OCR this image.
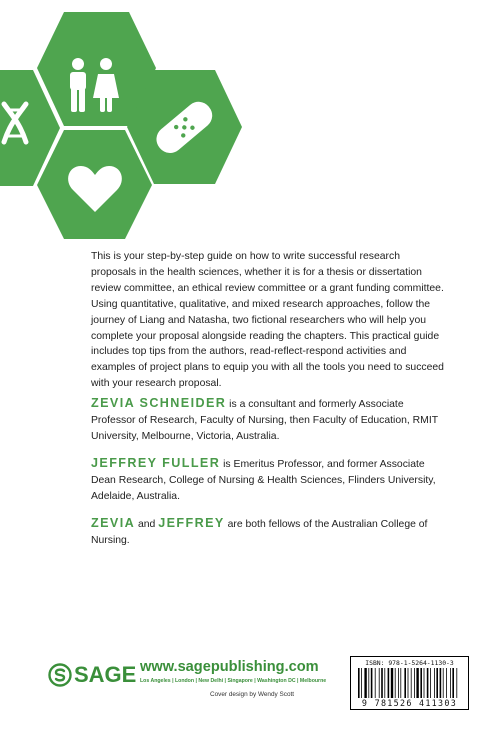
This is your step-by-step guide on how to write successful research proposals in the health sciences, whether it is for a thesis or dissertation review committee, an ethical review committee or a grant funding committee. Using quantitative, qualitative, and mixed research approaches, follow the journey of Liang and Natasha, two fictional researchers who will help you complete your proposal alongside reading the chapters. This practical guide includes top tips from the authors, read-reflect-respond activities and examples of project plans to equip you with all the tools you need to succeed with your research proposal.

ZEVIA SCHNEIDER is a consultant and formerly Associate Professor of Research, Faculty of Nursing, then Faculty of Education, RMIT University, Melbourne, Victoria, Australia.

JEFFREY FULLER is Emeritus Professor, and former Associate Dean Research, College of Nursing & Health Sciences, Flinders University, Adelaide, Australia.

ZEVIA and JEFFREY are both fellows of the Australian College of Nursing.

SAGE www.sagepublishing.com
Los Angeles | London | New Delhi | Singapore | Washington DC | Melbourne
Cover design by Wendy Scott
ISBN: 978-1-5264-1130-3
9 781526 411303
